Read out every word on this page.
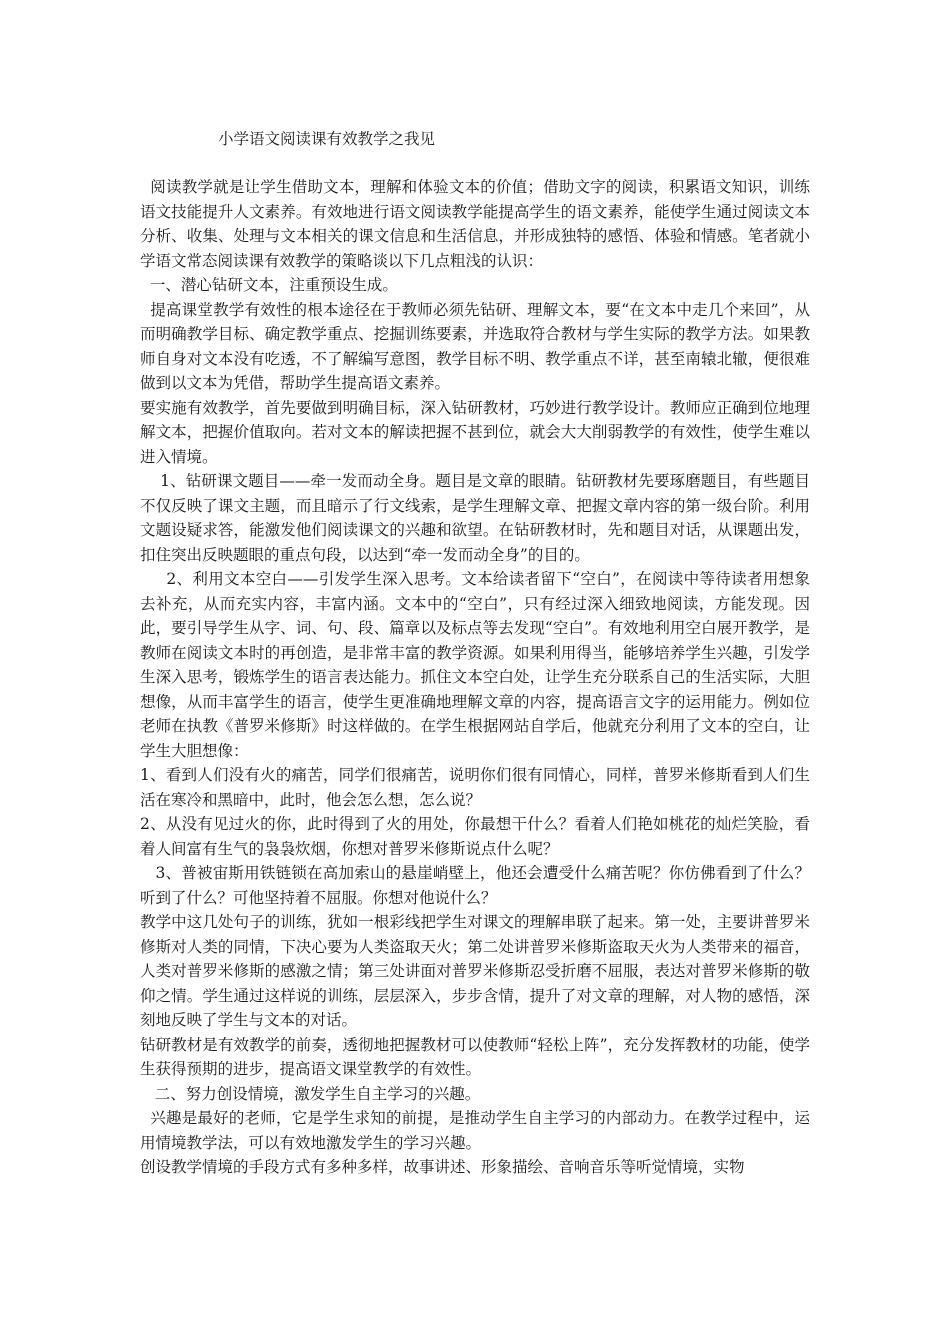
小学语文阅读课有效教学之我见

阅读教学就是让学生借助文本，理解和体验文本的价值；借助文字的阅读，积累语文知识，训练语文技能提升人文素养。有效地进行语文阅读教学能提高学生的语文素养，能使学生通过阅读文本分析、收集、处理与文本相关的课文信息和生活信息，并形成独特的感悟、体验和情感。笔者就小学语文常态阅读课有效教学的策略谈以下几点粗浅的认识：

一、潜心钻研文本，注重预设生成。

提高课堂教学有效性的根本途径在于教师必须先钻研、理解文本，要“在文本中走几个来回”，从而明确教学目标、确定教学重点、挖掘训练要素，并选取符合教材与学生实际的教学方法。如果教师自身对文本没有吃透，不了解编写意图，教学目标不明、教学重点不详，甚至南辕北辙，便很难做到以文本为凭借，帮助学生提高语文素养。

要实施有效教学，首先要做到明确目标，深入钻研教材，巧妙进行教学设计。教师应正确到位地理解文本，把握价值取向。若对文本的解读把握不甚到位，就会大大削弱教学的有效性，使学生难以进入情境。

1、钻研课文题目——牵一发而动全身。题目是文章的眼睛。钻研教材先要琢磨题目，有些题目不仅反映了课文主题，而且暗示了行文线索，是学生理解文章、把握文章内容的第一级台阶。利用文题设疑求答，能激发他们阅读课文的兴趣和欲望。在钻研教材时，先和题目对话，从课题出发，扣住突出反映题眼的重点句段，以达到“牵一发而动全身”的目的。

2、利用文本空白——引发学生深入思考。文本给读者留下“空白”，在阅读中等待读者用想象去补充，从而充实内容，丰富内涵。文本中的“空白”，只有经过深入细致地阅读，方能发现。因此，要引导学生从字、词、句、段、篇章以及标点等去发现“空白”。有效地利用空白展开教学，是教师在阅读文本时的再创造，是非常丰富的教学资源。如果利用得当，能够培养学生兴趣，引发学生深入思考，锻炼学生的语言表达能力。抓住文本空白处，让学生充分联系自己的生活实际，大胆想像，从而丰富学生的语言，使学生更准确地理解文章的内容，提高语言文字的运用能力。例如位老师在执教《普罗米修斯》时这样做的。在学生根据网站自学后，他就充分利用了文本的空白，让学生大胆想像：

1、看到人们没有火的痛苦，同学们很痛苦，说明你们很有同情心，同样，普罗米修斯看到人们生活在寒冷和黑暗中，此时，他会怎么想，怎么说？

2、从没有见过火的你，此时得到了火的用处，你最想干什么？看着人们艳如桃花的灿烂笑脸，看着人间富有生气的袅袅炊烟，你想对普罗米修斯说点什么呢？

3、普被宙斯用铁链锁在高加索山的悬崖峭壁上，他还会遭受什么痛苦呢？你仿佛看到了什么？听到了什么？可他坚持着不屈服。你想对他说什么？

教学中这几处句子的训练，犹如一根彩线把学生对课文的理解串联了起来。第一处，主要讲普罗米修斯对人类的同情，下决心要为人类盗取天火；第二处讲普罗米修斯盗取天火为人类带来的福音，人类对普罗米修斯的感激之情；第三处讲面对普罗米修斯忍受折磨不屈服，表达对普罗米修斯的敬仰之情。学生通过这样说的训练，层层深入，步步含情，提升了对文章的理解，对人物的感悟，深刻地反映了学生与文本的对话。

钻研教材是有效教学的前奏，透彻地把握教材可以使教师“轻松上阵”，充分发挥教材的功能，使学生获得预期的进步，提高语文课堂教学的有效性。

二、努力创设情境，激发学生自主学习的兴趣。

兴趣是最好的老师，它是学生求知的前提，是推动学生自主学习的内部动力。在教学过程中，运用情境教学法，可以有效地激发学生的学习兴趣。

创设教学情境的手段方式有多种多样，故事讲述、形象描绘、音响音乐等听觉情境，实物
